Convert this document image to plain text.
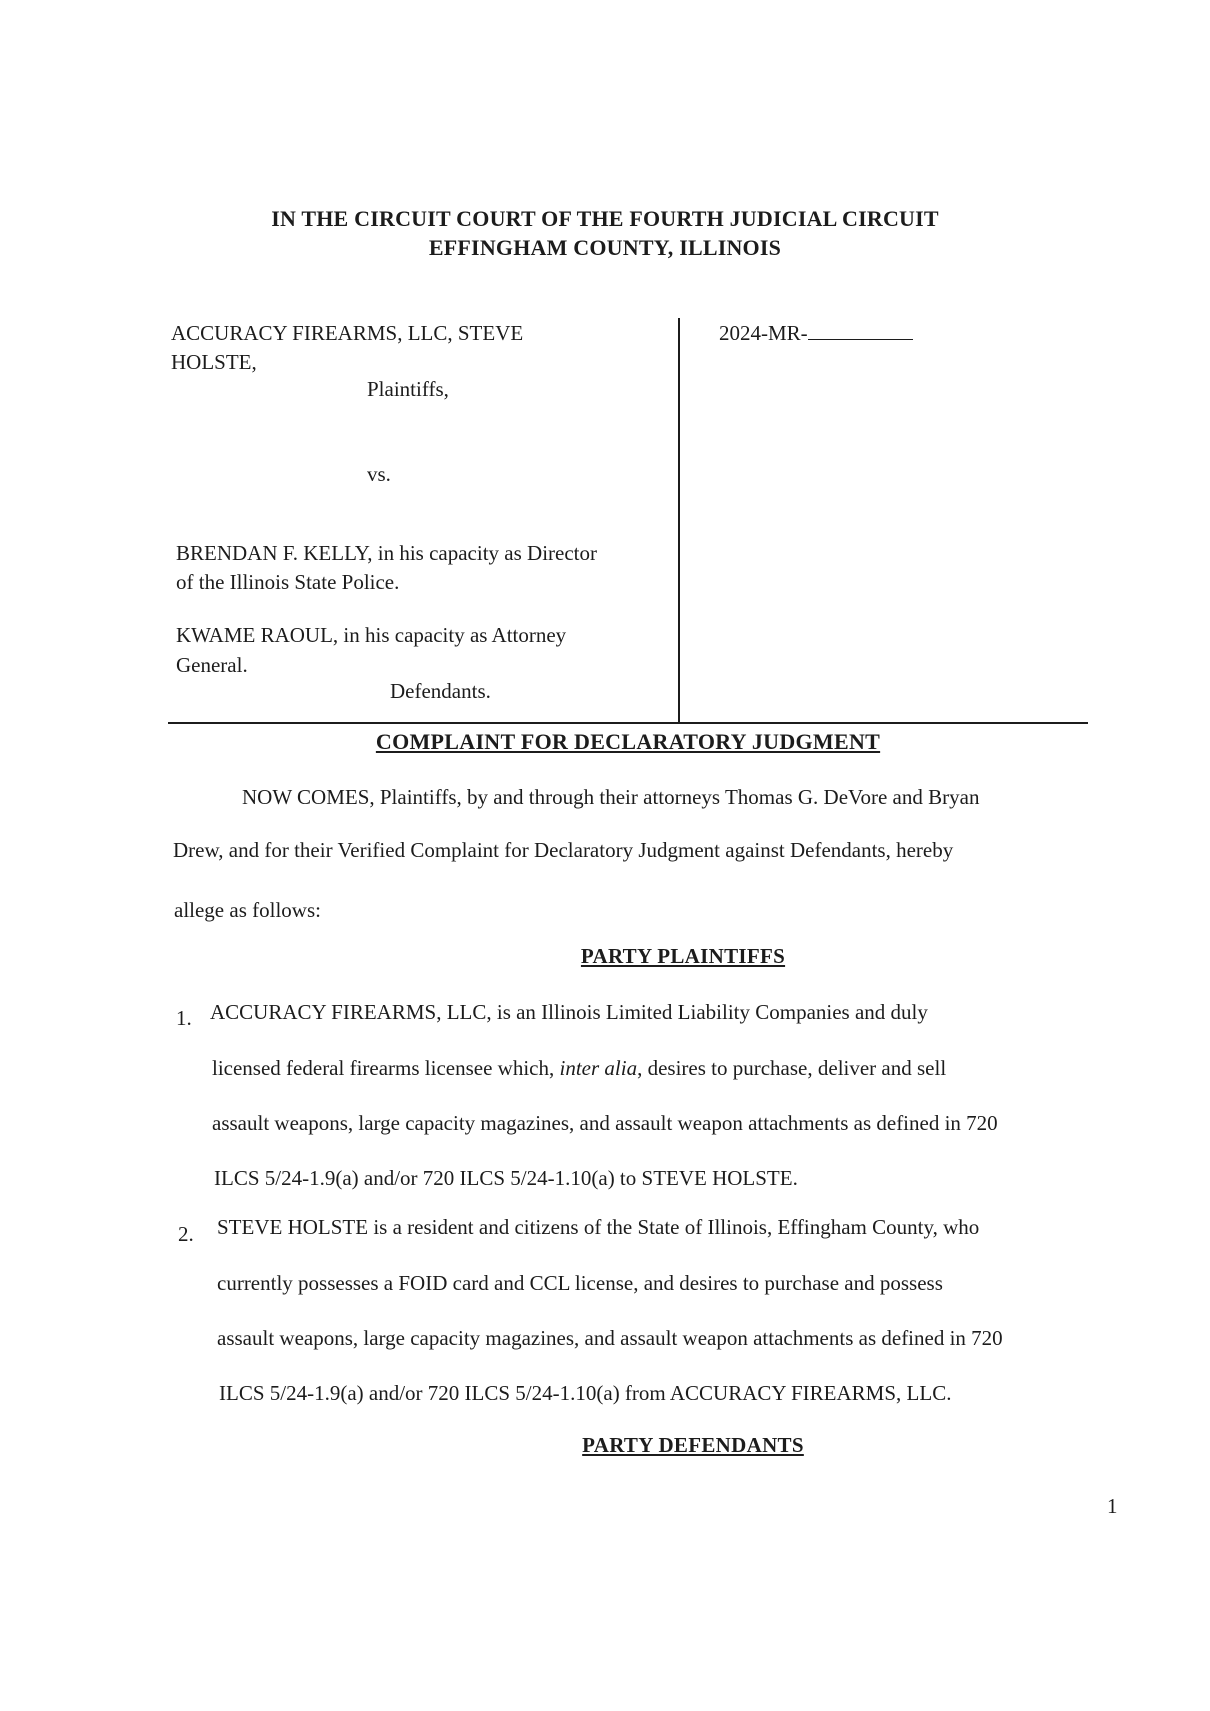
IN THE CIRCUIT COURT OF THE FOURTH JUDICIAL CIRCUIT
EFFINGHAM COUNTY, ILLINOIS
ACCURACY FIREARMS, LLC, STEVE
HOLSTE,
Plaintiffs,
vs.
BRENDAN F. KELLY, in his capacity as Director
of the Illinois State Police.
KWAME RAOUL, in his capacity as Attorney
General.
Defendants.
2024-MR-
COMPLAINT FOR DECLARATORY JUDGMENT
NOW COMES, Plaintiffs, by and through their attorneys Thomas G. DeVore and Bryan
Drew, and for their Verified Complaint for Declaratory Judgment against Defendants, hereby
allege as follows:
PARTY PLAINTIFFS
1. ACCURACY FIREARMS, LLC, is an Illinois Limited Liability Companies and duly
licensed federal firearms licensee which, inter alia, desires to purchase, deliver and sell
assault weapons, large capacity magazines, and assault weapon attachments as defined in 720
ILCS 5/24-1.9(a) and/or 720 ILCS 5/24-1.10(a) to STEVE HOLSTE.
2. STEVE HOLSTE is a resident and citizens of the State of Illinois, Effingham County, who
currently possesses a FOID card and CCL license, and desires to purchase and possess
assault weapons, large capacity magazines, and assault weapon attachments as defined in 720
ILCS 5/24-1.9(a) and/or 720 ILCS 5/24-1.10(a) from ACCURACY FIREARMS, LLC.
PARTY DEFENDANTS
1
